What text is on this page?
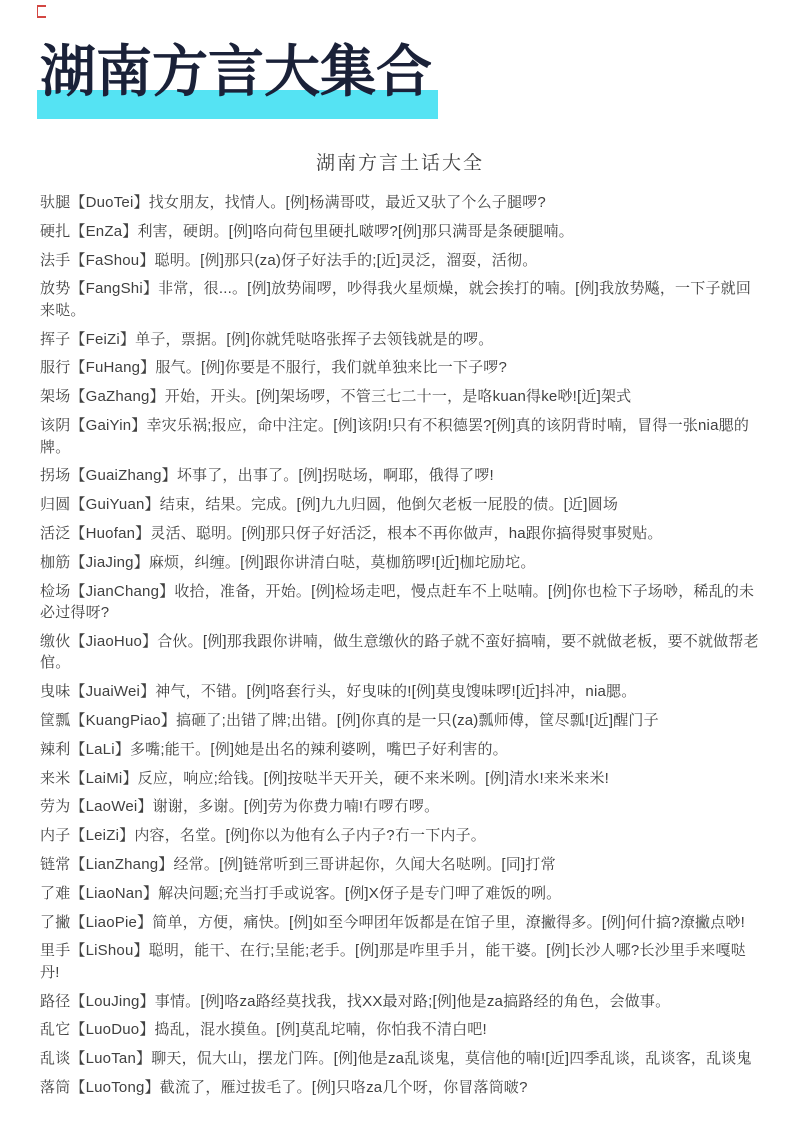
湖南方言大集合
湖南方言土话大全

驮腿【DuoTei】找女朋友，找情人。[例]杨满哥哎，最近又驮了个么子腿啰?

硬扎【EnZa】利害，硬朗。[例]咯向荷包里硬扎啵啰?[例]那只满哥是条硬腿喃。

法手【FaShou】聪明。[例]那只(za)伢子好法手的;[近]灵泛，溜耍，活彻。

放势【FangShi】非常，很...。[例]放势闹啰，吵得我火星烦燥，就会挨打的喃。[例]我放势飚，一下子就回来哒。

挥子【FeiZi】单子，票据。[例]你就凭哒咯张挥子去领钱就是的啰。

服行【FuHang】服气。[例]你要是不服行，我们就单独来比一下子啰?

架场【GaZhang】开始，开头。[例]架场啰，不管三七二十一，是咯kuan得ke唦![近]架式

该阴【GaiYin】幸灾乐祸;报应，命中注定。[例]该阴!只有不积德罢?[例]真的该阴背时喃，冒得一张nia腮的牌。

拐场【GuaiZhang】坏事了，出事了。[例]拐哒场，啊耶，俄得了啰!

归圆【GuiYuan】结束，结果。完成。[例]九九归圆，他倒欠老板一屁股的债。[近]圆场

活泛【Huofan】灵活、聪明。[例]那只伢子好活泛，根本不再你做声，ha跟你搞得熨事熨贴。

枷筋【JiaJing】麻烦，纠缠。[例]跟你讲清白哒，莫枷筋啰![近]枷坨励坨。

检场【JianChang】收拾，准备，开始。[例]检场走吧，慢点赶车不上哒喃。[例]你也检下子场唦，稀乱的未必过得呀?

缴伙【JiaoHuo】合伙。[例]那我跟你讲喃，做生意缴伙的路子就不蛮好搞喃，要不就做老板，要不就做帮老倌。

曳味【JuaiWei】神气，不错。[例]咯套行头，好曳味的![例]莫曳馊味啰![近]抖冲，nia腮。

筐瓢【KuangPiao】搞砸了;出错了牌;出错。[例]你真的是一只(za)瓢师傅，筐尽瓢![近]醒门子

辣利【LaLi】多嘴;能干。[例]她是出名的辣利婆咧，嘴巴子好利害的。

来米【LaiMi】反应，响应;给钱。[例]按哒半天开关，硬不来米咧。[例]清水!来米来米!

劳为【LaoWei】谢谢，多谢。[例]劳为你费力喃!冇啰冇啰。

内子【LeiZi】内容，名堂。[例]你以为他有么子内子?冇一下内子。

链常【LianZhang】经常。[例]链常听到三哥讲起你，久闻大名哒咧。[同]打常

了难【LiaoNan】解决问题;充当打手或说客。[例]X伢子是专门呷了难饭的咧。

了撇【LiaoPie】简单，方便，痛快。[例]如至今呷团年饭都是在馆子里，潦撇得多。[例]何什搞?潦撇点唦!

里手【LiShou】聪明，能干、在行;呈能;老手。[例]那是咋里手爿，能干婆。[例]长沙人哪?长沙里手来嘎哒丹!

路径【LouJing】事情。[例]咯za路经莫找我，找XX最对路;[例]他是za搞路经的角色，会做事。

乱它【LuoDuo】捣乱，混水摸鱼。[例]莫乱坨喃，你怕我不清白吧!

乱谈【LuoTan】聊天，侃大山，摆龙门阵。[例]他是za乱谈鬼，莫信他的喃![近]四季乱谈，乱谈客，乱谈鬼

落筒【LuoTong】截流了，雁过拔毛了。[例]只咯za几个呀，你冒落筒啵?
